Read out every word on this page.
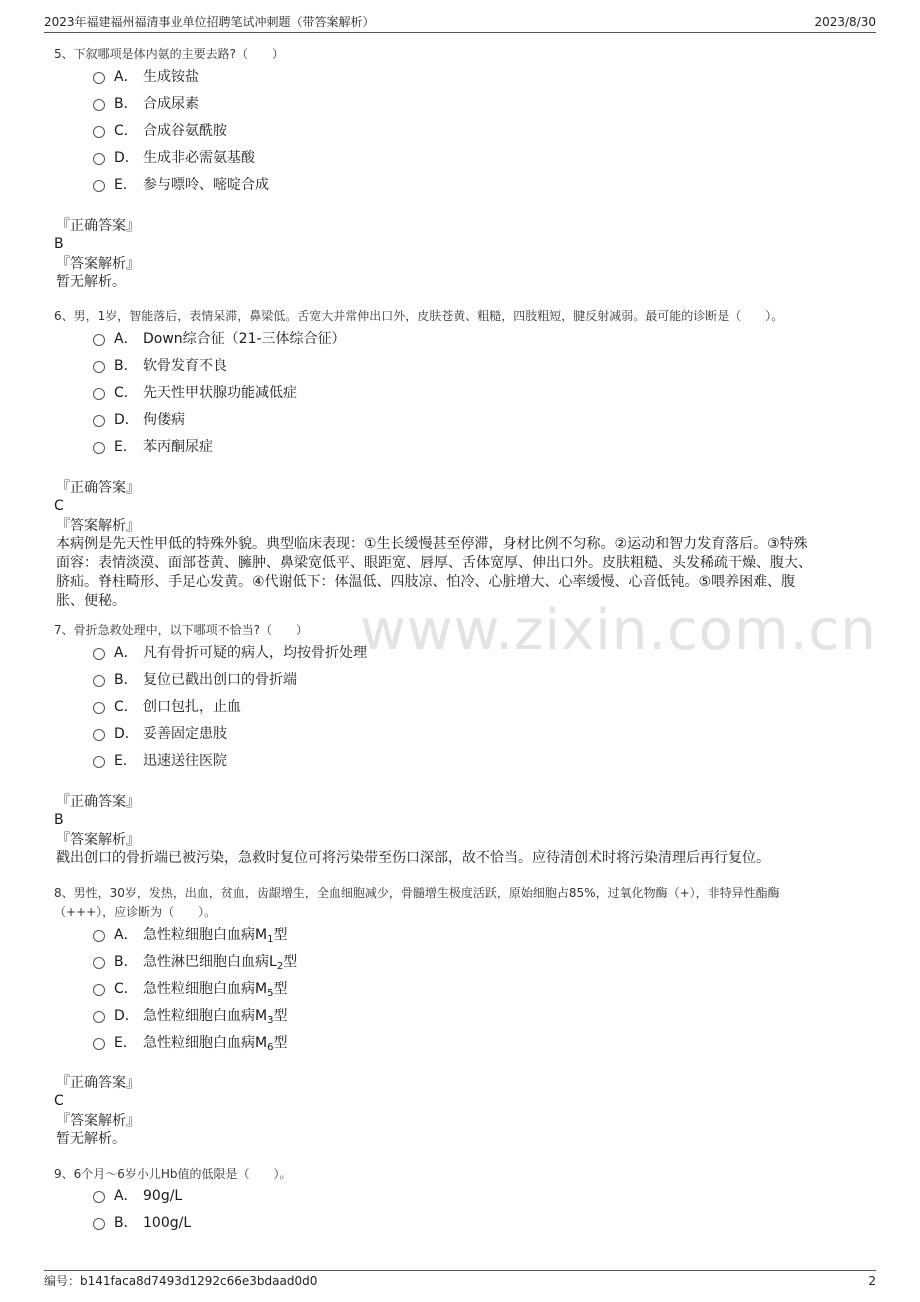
2023年福建福州福清事业单位招聘笔试冲刺题（带答案解析）	2023/8/30
www.zixin.com.cn
5、下叙哪项是体内氨的主要去路?（　　）
A． 生成铵盐
B． 合成尿素
C． 合成谷氨酰胺
D． 生成非必需氨基酸
E． 参与嘌呤、嘧啶合成
『正确答案』
B
『答案解析』
暂无解析。
6、男，1岁，智能落后，表情呆滞，鼻梁低。舌宽大并常伸出口外，皮肤苍黄、粗糙，四肢粗短，腱反射减弱。最可能的诊断是（　　）。
A． Down综合征（21-三体综合征）
B． 软骨发育不良
C． 先天性甲状腺功能减低症
D． 佝偻病
E． 苯丙酮尿症
『正确答案』
C
『答案解析』
本病例是先天性甲低的特殊外貌。典型临床表现：①生长缓慢甚至停滞，身材比例不匀称。②运动和智力发育落后。③特殊
面容：表情淡漠、面部苍黄、臃肿、鼻梁宽低平、眼距宽、唇厚、舌体宽厚、伸出口外。皮肤粗糙、头发稀疏干燥、腹大、
脐疝。脊柱畸形、手足心发黄。④代谢低下：体温低、四肢凉、怕冷、心脏增大、心率缓慢、心音低钝。⑤喂养困难、腹
胀、便秘。
7、骨折急救处理中，以下哪项不恰当?（　　）
A． 凡有骨折可疑的病人，均按骨折处理
B． 复位已戳出创口的骨折端
C． 创口包扎，止血
D． 妥善固定患肢
E． 迅速送往医院
『正确答案』
B
『答案解析』
戳出创口的骨折端已被污染，急救时复位可将污染带至伤口深部，故不恰当。应待清创术时将污染清理后再行复位。
8、男性，30岁，发热，出血，贫血，齿龈增生，全血细胞减少，骨髓增生极度活跃，原始细胞占85%，过氧化物酶（+），非特异性酯酶
（+++），应诊断为（　　）。
A． 急性粒细胞白血病$M_1$型
B． 急性淋巴细胞白血病$L_2$型
C． 急性粒细胞白血病$M_5$型
D． 急性粒细胞白血病$M_3$型
E． 急性粒细胞白血病$M_6$型
『正确答案』
C
『答案解析』
暂无解析。
9、6个月～6岁小儿Hb值的低限是（　　）。
A． 90g/L
B． 100g/L
编号：b141faca8d7493d1292c66e3bdaad0d0	2
